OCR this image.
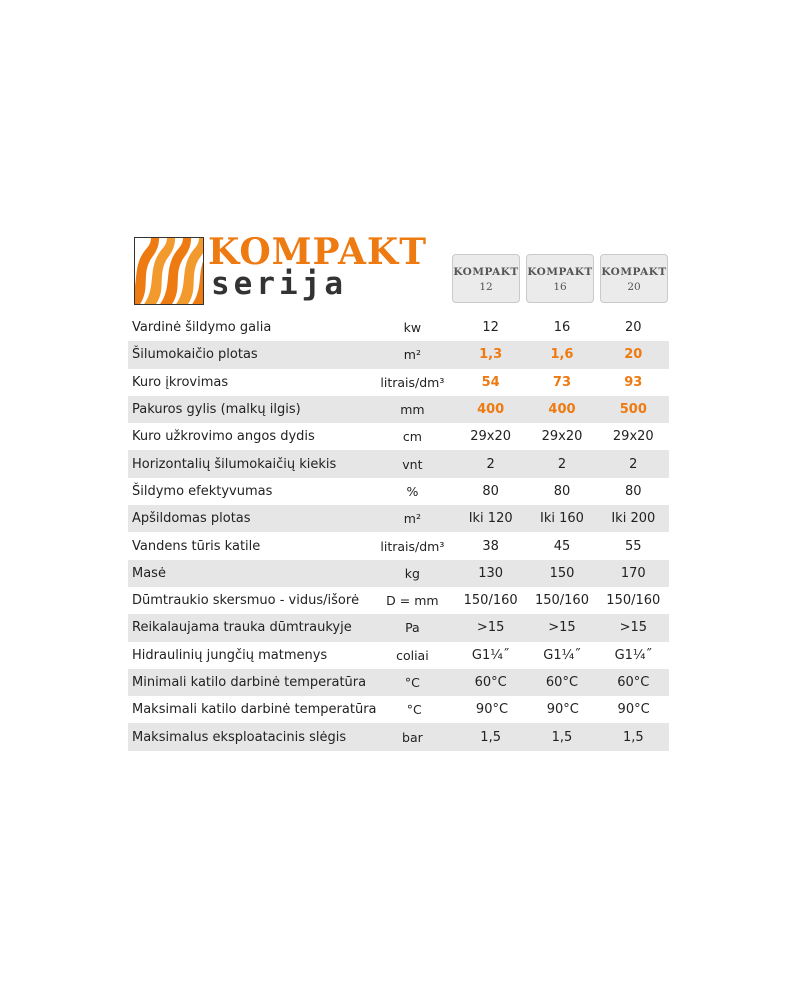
KOMPAKT
serija	KOMPAKT
12
KOMPAKT
16
KOMPAKT
20
Vardinė šildymo galia	kw	12	16	20
Šilumokaičio plotas	m²	1,3	1,6	20
Kuro įkrovimas	litrais/dm³	54	73	93
Pakuros gylis (malkų ilgis)	mm	400	400	500
Kuro užkrovimo angos dydis	cm	29x20	29x20	29x20
Horizontalių šilumokaičių kiekis	vnt	2	2	2
Šildymo efektyvumas	%	80	80	80
Apšildomas plotas	m²	Iki 120	Iki 160	Iki 200
Vandens tūris katile	litrais/dm³	38	45	55
Masė	kg	130	150	170
Dūmtraukio skersmuo - vidus/išorė	D = mm	150/160	150/160	150/160
Reikalaujama trauka dūmtraukyje	Pa	>15	>15	>15
Hidraulinių jungčių matmenys	coliai	G1¼˝	G1¼˝	G1¼˝
Minimali katilo darbinė temperatūra	°C	60°C	60°C	60°C
Maksimali katilo darbinė temperatūra	°C	90°C	90°C	90°C
Maksimalus eksploatacinis slėgis	bar	1,5	1,5	1,5
